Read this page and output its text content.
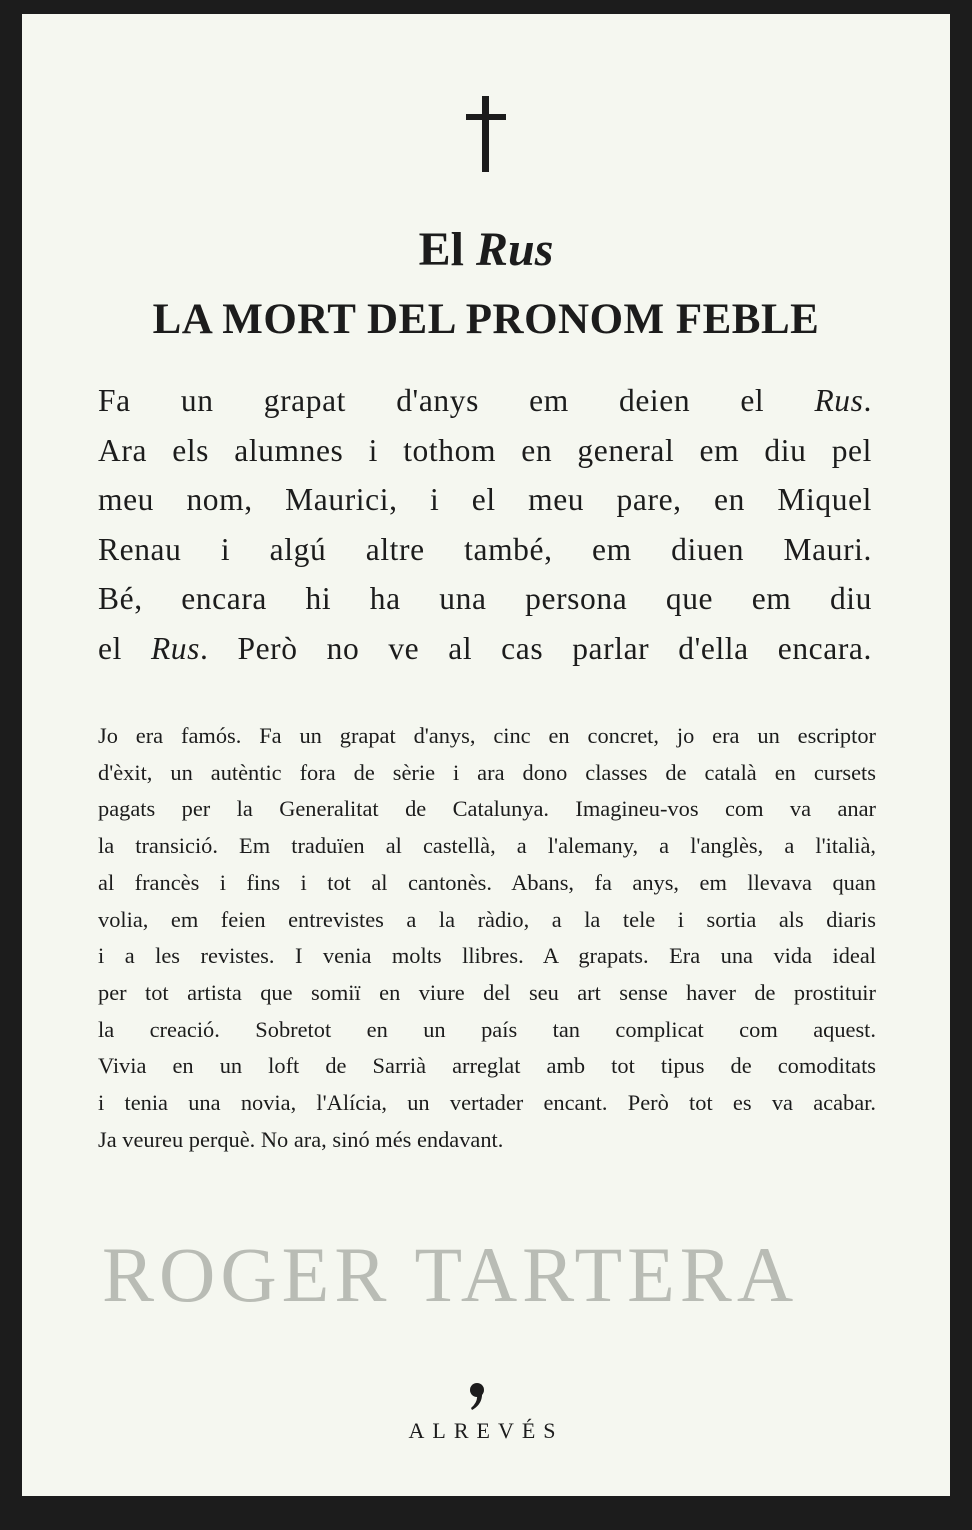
El Rus
LA MORT DEL PRONOM FEBLE
Fa un grapat d'anys em deien el Rus.
Ara els alumnes i tothom en general em diu pel
meu nom, Maurici, i el meu pare, en Miquel
Renau i algú altre també, em diuen Mauri.
Bé, encara hi ha una persona que em diu
el Rus. Però no ve al cas parlar d'ella encara.
Jo era famós. Fa un grapat d'anys, cinc en concret, jo era un escriptor
d'èxit, un autèntic fora de sèrie i ara dono classes de català en cursets
pagats per la Generalitat de Catalunya. Imagineu-vos com va anar
la transició. Em traduïen al castellà, a l'alemany, a l'anglès, a l'italià,
al francès i fins i tot al cantonès. Abans, fa anys, em llevava quan
volia, em feien entrevistes a la ràdio, a la tele i sortia als diaris
i a les revistes. I venia molts llibres. A grapats. Era una vida ideal
per tot artista que somiï en viure del seu art sense haver de prostituir
la creació. Sobretot en un país tan complicat com aquest.
Vivia en un loft de Sarrià arreglat amb tot tipus de comoditats
i tenia una novia, l'Alícia, un vertader encant. Però tot es va acabar.
Ja veureu perquè. No ara, sinó més endavant.
ROGER TARTERA
ALREVÉS
